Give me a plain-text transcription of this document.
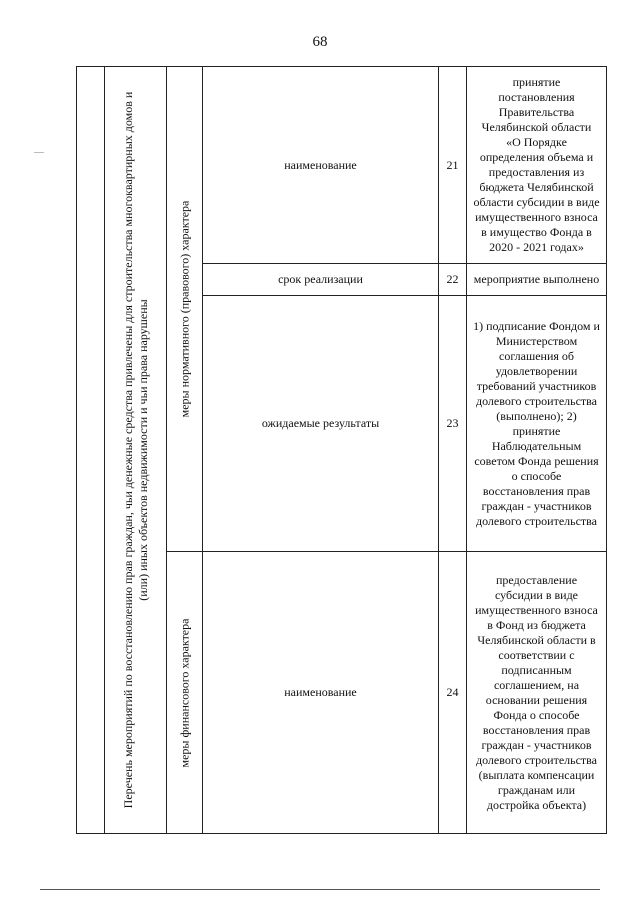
68

	Перечень мероприятий по восстановлению прав граждан, чьи денежные средства привлечены для строительства многоквартирных домов и (или) иных объектов недвижимости и чьи права нарушены	меры нормативного (правового) характера	наименование	21	принятие постановления Правительства Челябинской области «О Порядке определения объема и предоставления из бюджета Челябинской области субсидии в виде имущественного взноса в имущество Фонда в 2020 - 2021 годах»
			срок реализации	22	мероприятие выполнено
			ожидаемые результаты	23	1) подписание Фондом и Министерством соглашения об удовлетворении требований участников долевого строительства (выполнено); 2) принятие Наблюдательным советом Фонда решения о способе восстановления прав граждан - участников долевого строительства

		меры финансового характера	наименование	24	предоставление субсидии в виде имущественного взноса в Фонд из бюджета Челябинской области в соответствии с подписанным соглашением, на основании решения Фонда о способе восстановления прав граждан - участников долевого строительства (выплата компенсации гражданам или достройка объекта)
